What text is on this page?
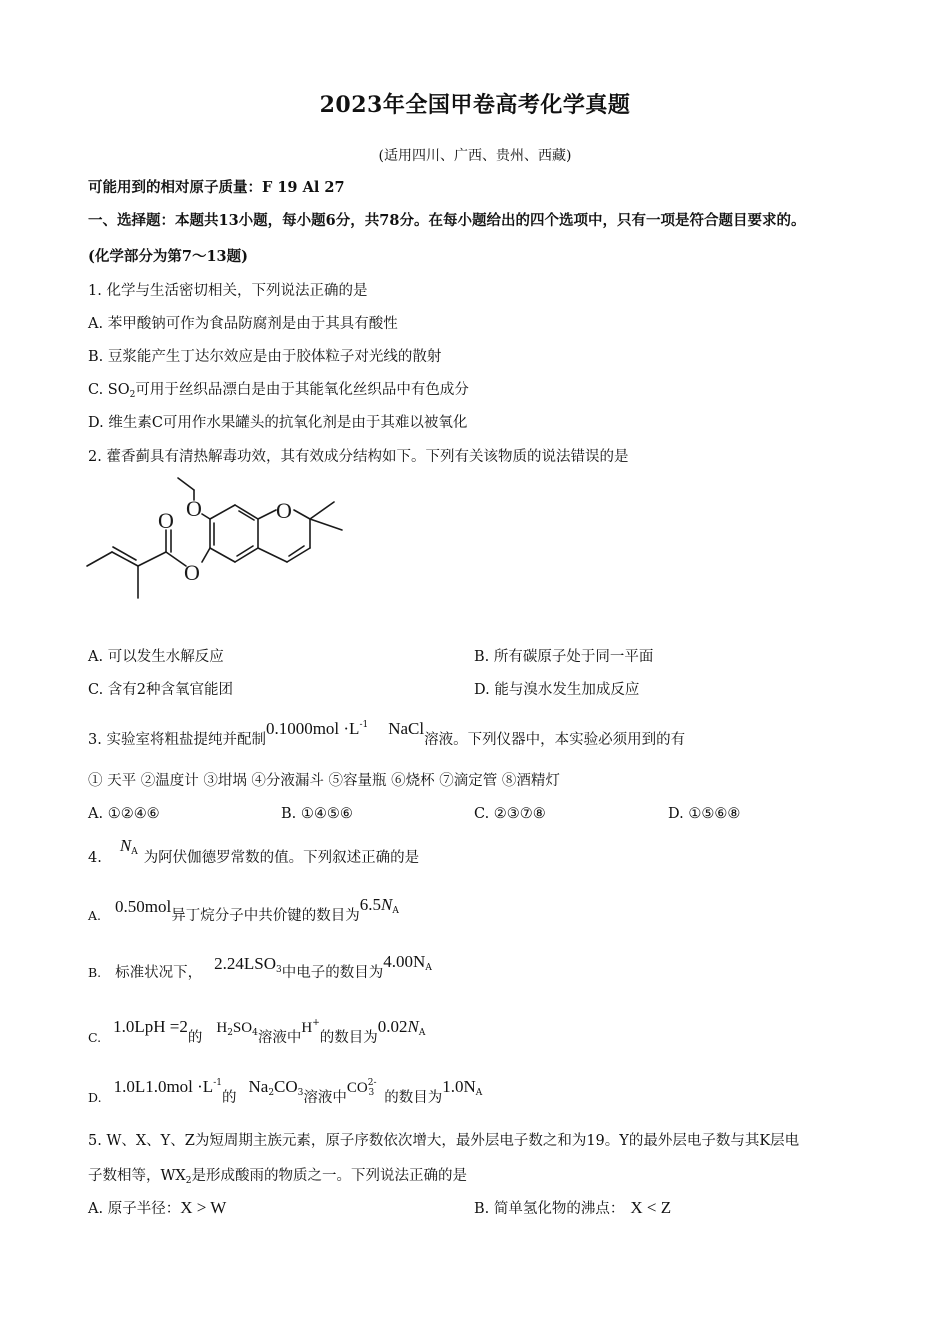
2023年全国甲卷高考化学真题
(适用四川、广西、贵州、西藏)
可能用到的相对原子质量：F 19 Al 27
一、选择题：本题共13小题，每小题6分，共78分。在每小题给出的四个选项中，只有一项是符合题目要求的。
(化学部分为第7～13题)
1. 化学与生活密切相关，下列说法正确的是
A. 苯甲酸钠可作为食品防腐剂是由于其具有酸性
B. 豆浆能产生丁达尔效应是由于胶体粒子对光线的散射
C. $SO_2$可用于丝织品漂白是由于其能氧化丝织品中有色成分
D. 维生素C可用作水果罐头的抗氧化剂是由于其难以被氧化
2. 藿香蓟具有清热解毒功效，其有效成分结构如下。下列有关该物质的说法错误的是
O
O
O
O
A. 可以发生水解反应	B. 所有碳原子处于同一平面
C. 含有2种含氧官能团	D. 能与溴水发生加成反应
3. 实验室将粗盐提纯并配制$0.1000mol \cdot L^{-1}$ NaCl溶液。下列仪器中，本实验必须用到的有
① 天平 ②温度计 ③坩埚 ④分液漏斗 ⑤容量瓶 ⑥烧杯 ⑦滴定管 ⑧酒精灯
A. ①②④⑥	B. ①④⑤⑥	C. ②③⑦⑧	D. ①⑤⑥⑧
$4.N^A$ 为阿伏伽德罗常数的值。下列叙述正确的是
A. 0.50mol异丁烷分子中共价键的数目为$6.5N^A$
B. 标准状况下， 2.24LSO$^3$中电子的数目为$4.00N^A$
C.1.0LpH =2的$H^2SO^4$溶液中H+的数目为$0.02N^A$
$D.1.0L1.0mol \cdot L^{-1}$的$Na^2CO^3$溶液中CO$^{2-3}$ 的数目为$1.0N^A$
5. W、X、Y、Z为短周期主族元素，原子序数依次增大，最外层电子数之和为19。Y的最外层电子数与其K层电
子数相等，$WX_2$是形成酸雨的物质之一。下列说法正确的是
A. 原子半径：X > W	B. 简单氢化物的沸点： X < Z
